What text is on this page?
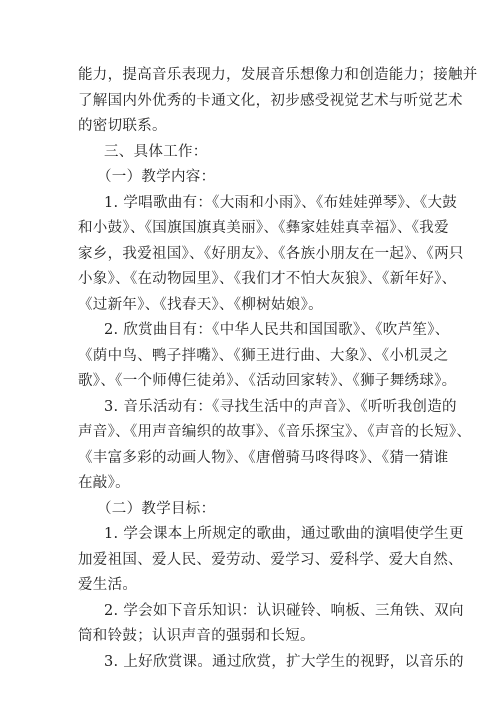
能力，提高音乐表现力，发展音乐想像力和创造能力；接触并
了解国内外优秀的卡通文化，初步感受视觉艺术与听觉艺术
的密切联系。
三、具体工作：
（一）教学内容：
1. 学唱歌曲有：《大雨和小雨》、《布娃娃弹琴》、《大鼓
和小鼓》、《国旗国旗真美丽》、《彝家娃娃真幸福》、《我爱
家乡，我爱祖国》、《好朋友》、《各族小朋友在一起》、《两只
小象》、《在动物园里》、《我们才不怕大灰狼》、《新年好》、
《过新年》、《找春天》、《柳树姑娘》。
2. 欣赏曲目有：《中华人民共和国国歌》、《吹芦笙》、
《荫中鸟、鸭子拌嘴》、《狮王进行曲、大象》、《小机灵之
歌》、《一个师傅仨徒弟》、《活动回家转》、《狮子舞绣球》。
3. 音乐活动有：《寻找生活中的声音》、《听听我创造的
声音》、《用声音编织的故事》、《音乐探宝》、《声音的长短》、
《丰富多彩的动画人物》、《唐僧骑马咚得咚》、《猜一猜谁
在敲》。
（二）教学目标：
1. 学会课本上所规定的歌曲，通过歌曲的演唱使学生更
加爱祖国、爱人民、爱劳动、爱学习、爱科学、爱大自然、
爱生活。
2. 学会如下音乐知识：认识碰铃、响板、三角铁、双向
筒和铃鼓；认识声音的强弱和长短。
3. 上好欣赏课。通过欣赏，扩大学生的视野，以音乐的
